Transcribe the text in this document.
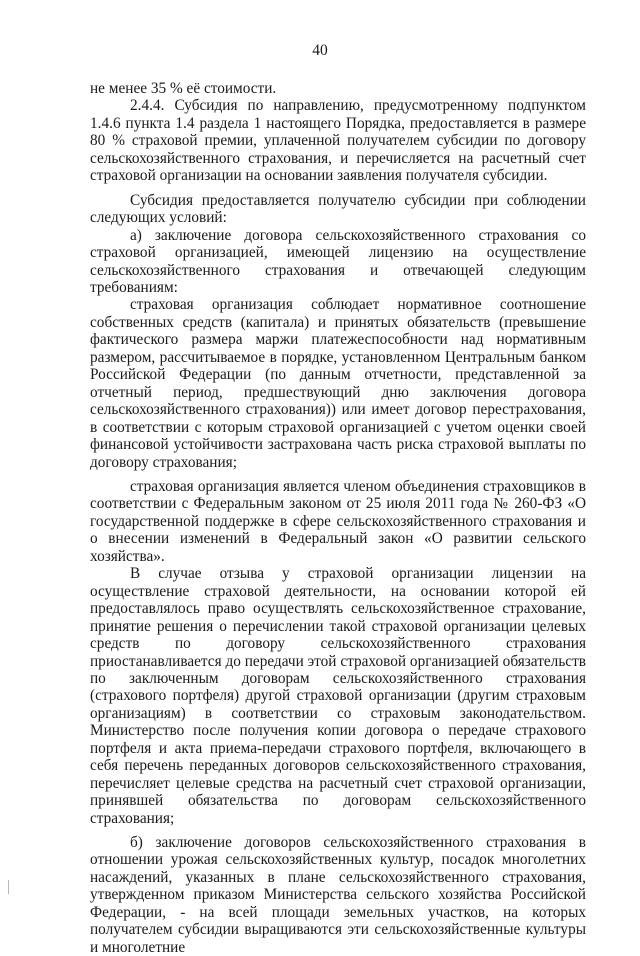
40

не менее 35 % её стоимости.

2.4.4. Субсидия по направлению, предусмотренному подпунктом 1.4.6 пункта 1.4 раздела 1 настоящего Порядка, предоставляется в размере 80 % страховой премии, уплаченной получателем субсидии по договору сельскохозяйственного страхования, и перечисляется на расчетный счет страховой организации на основании заявления получателя субсидии.

Субсидия предоставляется получателю субсидии при соблюдении следующих условий:

а) заключение договора сельскохозяйственного страхования со страховой организацией, имеющей лицензию на осуществление сельскохозяйственного страхования и отвечающей следующим требованиям:

страховая организация соблюдает нормативное соотношение собственных средств (капитала) и принятых обязательств (превышение фактического размера маржи платежеспособности над нормативным размером, рассчитываемое в порядке, установленном Центральным банком Российской Федерации (по данным отчетности, представленной за отчетный период, предшествующий дню заключения договора сельскохозяйственного страхования)) или имеет договор перестрахования, в соответствии с которым страховой организацией с учетом оценки своей финансовой устойчивости застрахована часть риска страховой выплаты по договору страхования;

страховая организация является членом объединения страховщиков в соответствии с Федеральным законом от 25 июля 2011 года № 260-ФЗ «О государственной поддержке в сфере сельскохозяйственного страхования и о внесении изменений в Федеральный закон «О развитии сельского хозяйства».

В случае отзыва у страховой организации лицензии на осуществление страховой деятельности, на основании которой ей предоставлялось право осуществлять сельскохозяйственное страхование, принятие решения о перечислении такой страховой организации целевых средств по договору сельскохозяйственного страхования приостанавливается до передачи этой страховой организацией обязательств по заключенным договорам сельскохозяйственного страхования (страхового портфеля) другой страховой организации (другим страховым организациям) в соответствии со страховым законодательством. Министерство после получения копии договора о передаче страхового портфеля и акта приема-передачи страхового портфеля, включающего в себя перечень переданных договоров сельскохозяйственного страхования, перечисляет целевые средства на расчетный счет страховой организации, принявшей обязательства по договорам сельскохозяйственного страхования;

б) заключение договоров сельскохозяйственного страхования в отношении урожая сельскохозяйственных культур, посадок многолетних насаждений, указанных в плане сельскохозяйственного страхования, утвержденном приказом Министерства сельского хозяйства Российской Федерации, - на всей площади земельных участков, на которых получателем субсидии выращиваются эти сельскохозяйственные культуры и многолетние
